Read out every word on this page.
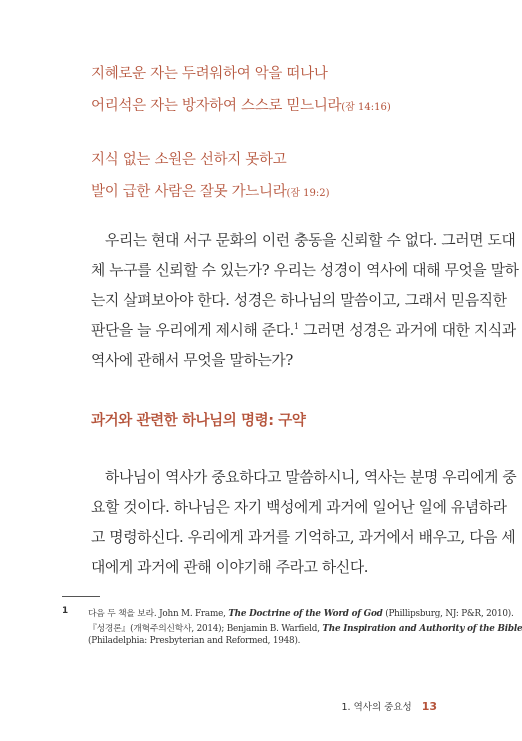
지혜로운 자는 두려워하여 악을 떠나나
어리석은 자는 방자하여 스스로 믿느니라(잠 14:16)
지식 없는 소원은 선하지 못하고
발이 급한 사람은 잘못 가느니라(잠 19:2)
우리는 현대 서구 문화의 이런 충동을 신뢰할 수 없다. 그러면 도대
체 누구를 신뢰할 수 있는가? 우리는 성경이 역사에 대해 무엇을 말하
는지 살펴보아야 한다. 성경은 하나님의 말씀이고, 그래서 믿음직한
판단을 늘 우리에게 제시해 준다.$^1$ 그러면 성경은 과거에 대한 지식과
역사에 관해서 무엇을 말하는가?
과거와 관련한 하나님의 명령: 구약
하나님이 역사가 중요하다고 말씀하시니, 역사는 분명 우리에게 중
요할 것이다. 하나님은 자기 백성에게 과거에 일어난 일에 유념하라
고 명령하신다. 우리에게 과거를 기억하고, 과거에서 배우고, 다음 세
대에게 과거에 관해 이야기해 주라고 하신다.
1 다음 두 책을 보라. John M. Frame, The Doctrine of the Word of God (Phillipsburg, NJ: P&R, 2010).
『성경론』(개혁주의신학사, 2014); Benjamin B. Warfield, The Inspiration and Authority of the Bible
(Philadelphia: Presbyterian and Reformed, 1948).
1. 역사의 중요성 13
